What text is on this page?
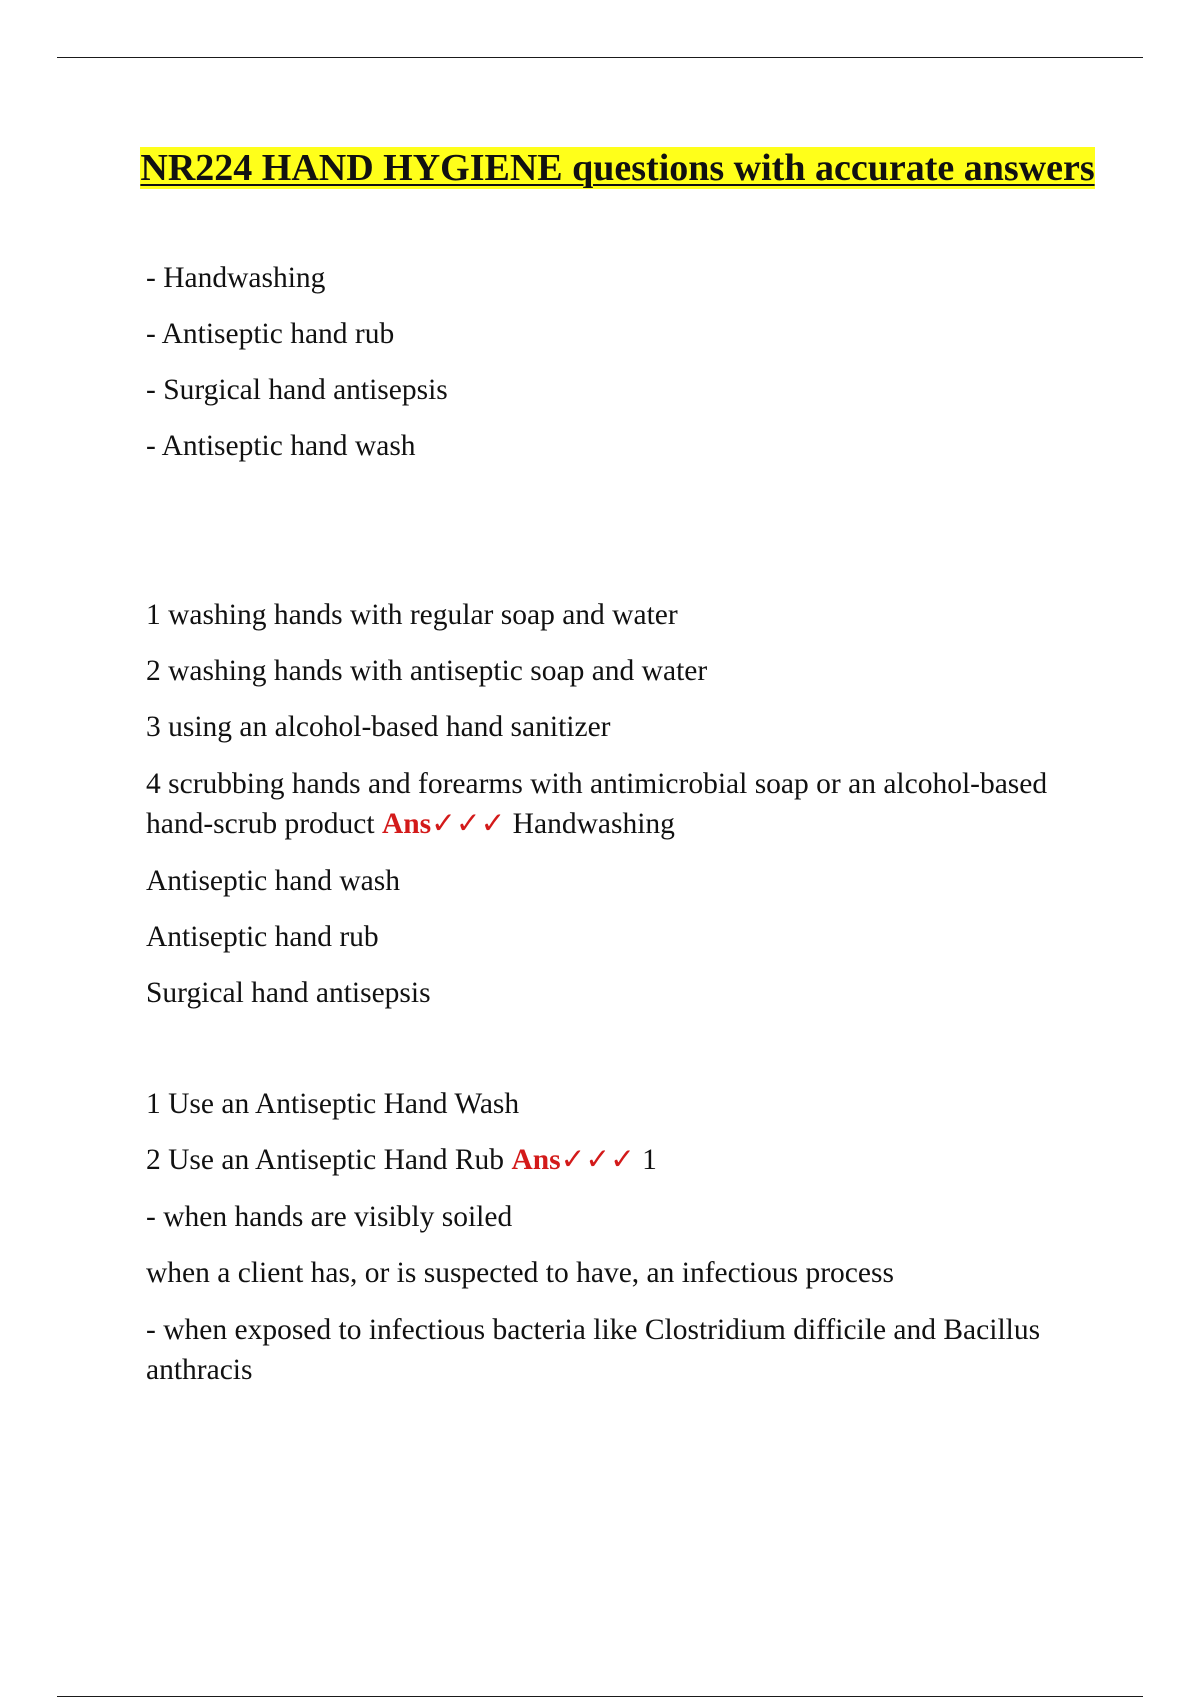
NR224 HAND HYGIENE questions with accurate answers
- Handwashing
- Antiseptic hand rub
- Surgical hand antisepsis
- Antiseptic hand wash
1 washing hands with regular soap and water
2 washing hands with antiseptic soap and water
3 using an alcohol-based hand sanitizer
4 scrubbing hands and forearms with antimicrobial soap or an alcohol-based hand-scrub product Ans✓✓✓ Handwashing
Antiseptic hand wash
Antiseptic hand rub
Surgical hand antisepsis
1 Use an Antiseptic Hand Wash
2 Use an Antiseptic Hand Rub Ans✓✓✓ 1
- when hands are visibly soiled
when a client has, or is suspected to have, an infectious process
- when exposed to infectious bacteria like Clostridium difficile and Bacillus anthracis
